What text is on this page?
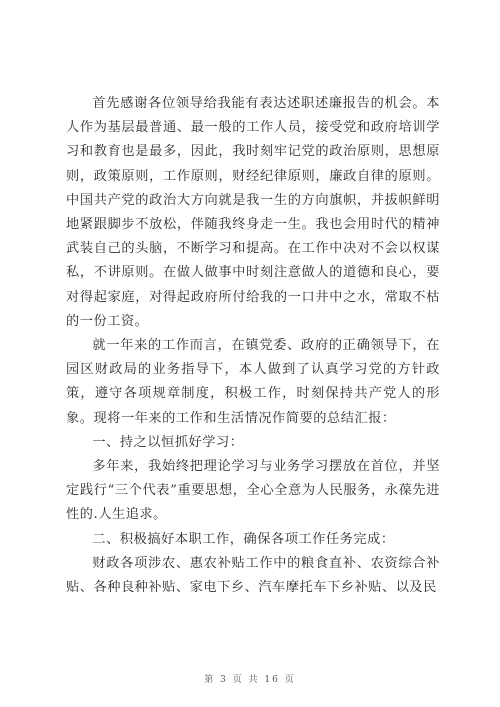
首先感谢各位领导给我能有表达述职述廉报告的机会。本人作为基层最普通、最一般的工作人员，接受党和政府培训学习和教育也是最多，因此，我时刻牢记党的政治原则，思想原则，政策原则，工作原则，财经纪律原则，廉政自律的原则。中国共产党的政治大方向就是我一生的方向旗帜，并拔帜鲜明地紧跟脚步不放松，伴随我终身走一生。我也会用时代的精神武装自己的头脑，不断学习和提高。在工作中决对不会以权谋私，不讲原则。在做人做事中时刻注意做人的道德和良心，要对得起家庭，对得起政府所付给我的一口井中之水，常取不枯的一份工资。

就一年来的工作而言，在镇党委、政府的正确领导下，在园区财政局的业务指导下，本人做到了认真学习党的方针政策，遵守各项规章制度，积极工作，时刻保持共产党人的形象。现将一年来的工作和生活情况作简要的总结汇报：

一、持之以恒抓好学习：

多年来，我始终把理论学习与业务学习摆放在首位，并坚定践行“三个代表”重要思想，全心全意为人民服务，永葆先进性的.人生追求。

二、积极搞好本职工作，确保各项工作任务完成：

财政各项涉农、惠农补贴工作中的粮食直补、农资综合补贴、各种良种补贴、家电下乡、汽车摩托车下乡补贴、以及民

第 3 页 共 16 页
